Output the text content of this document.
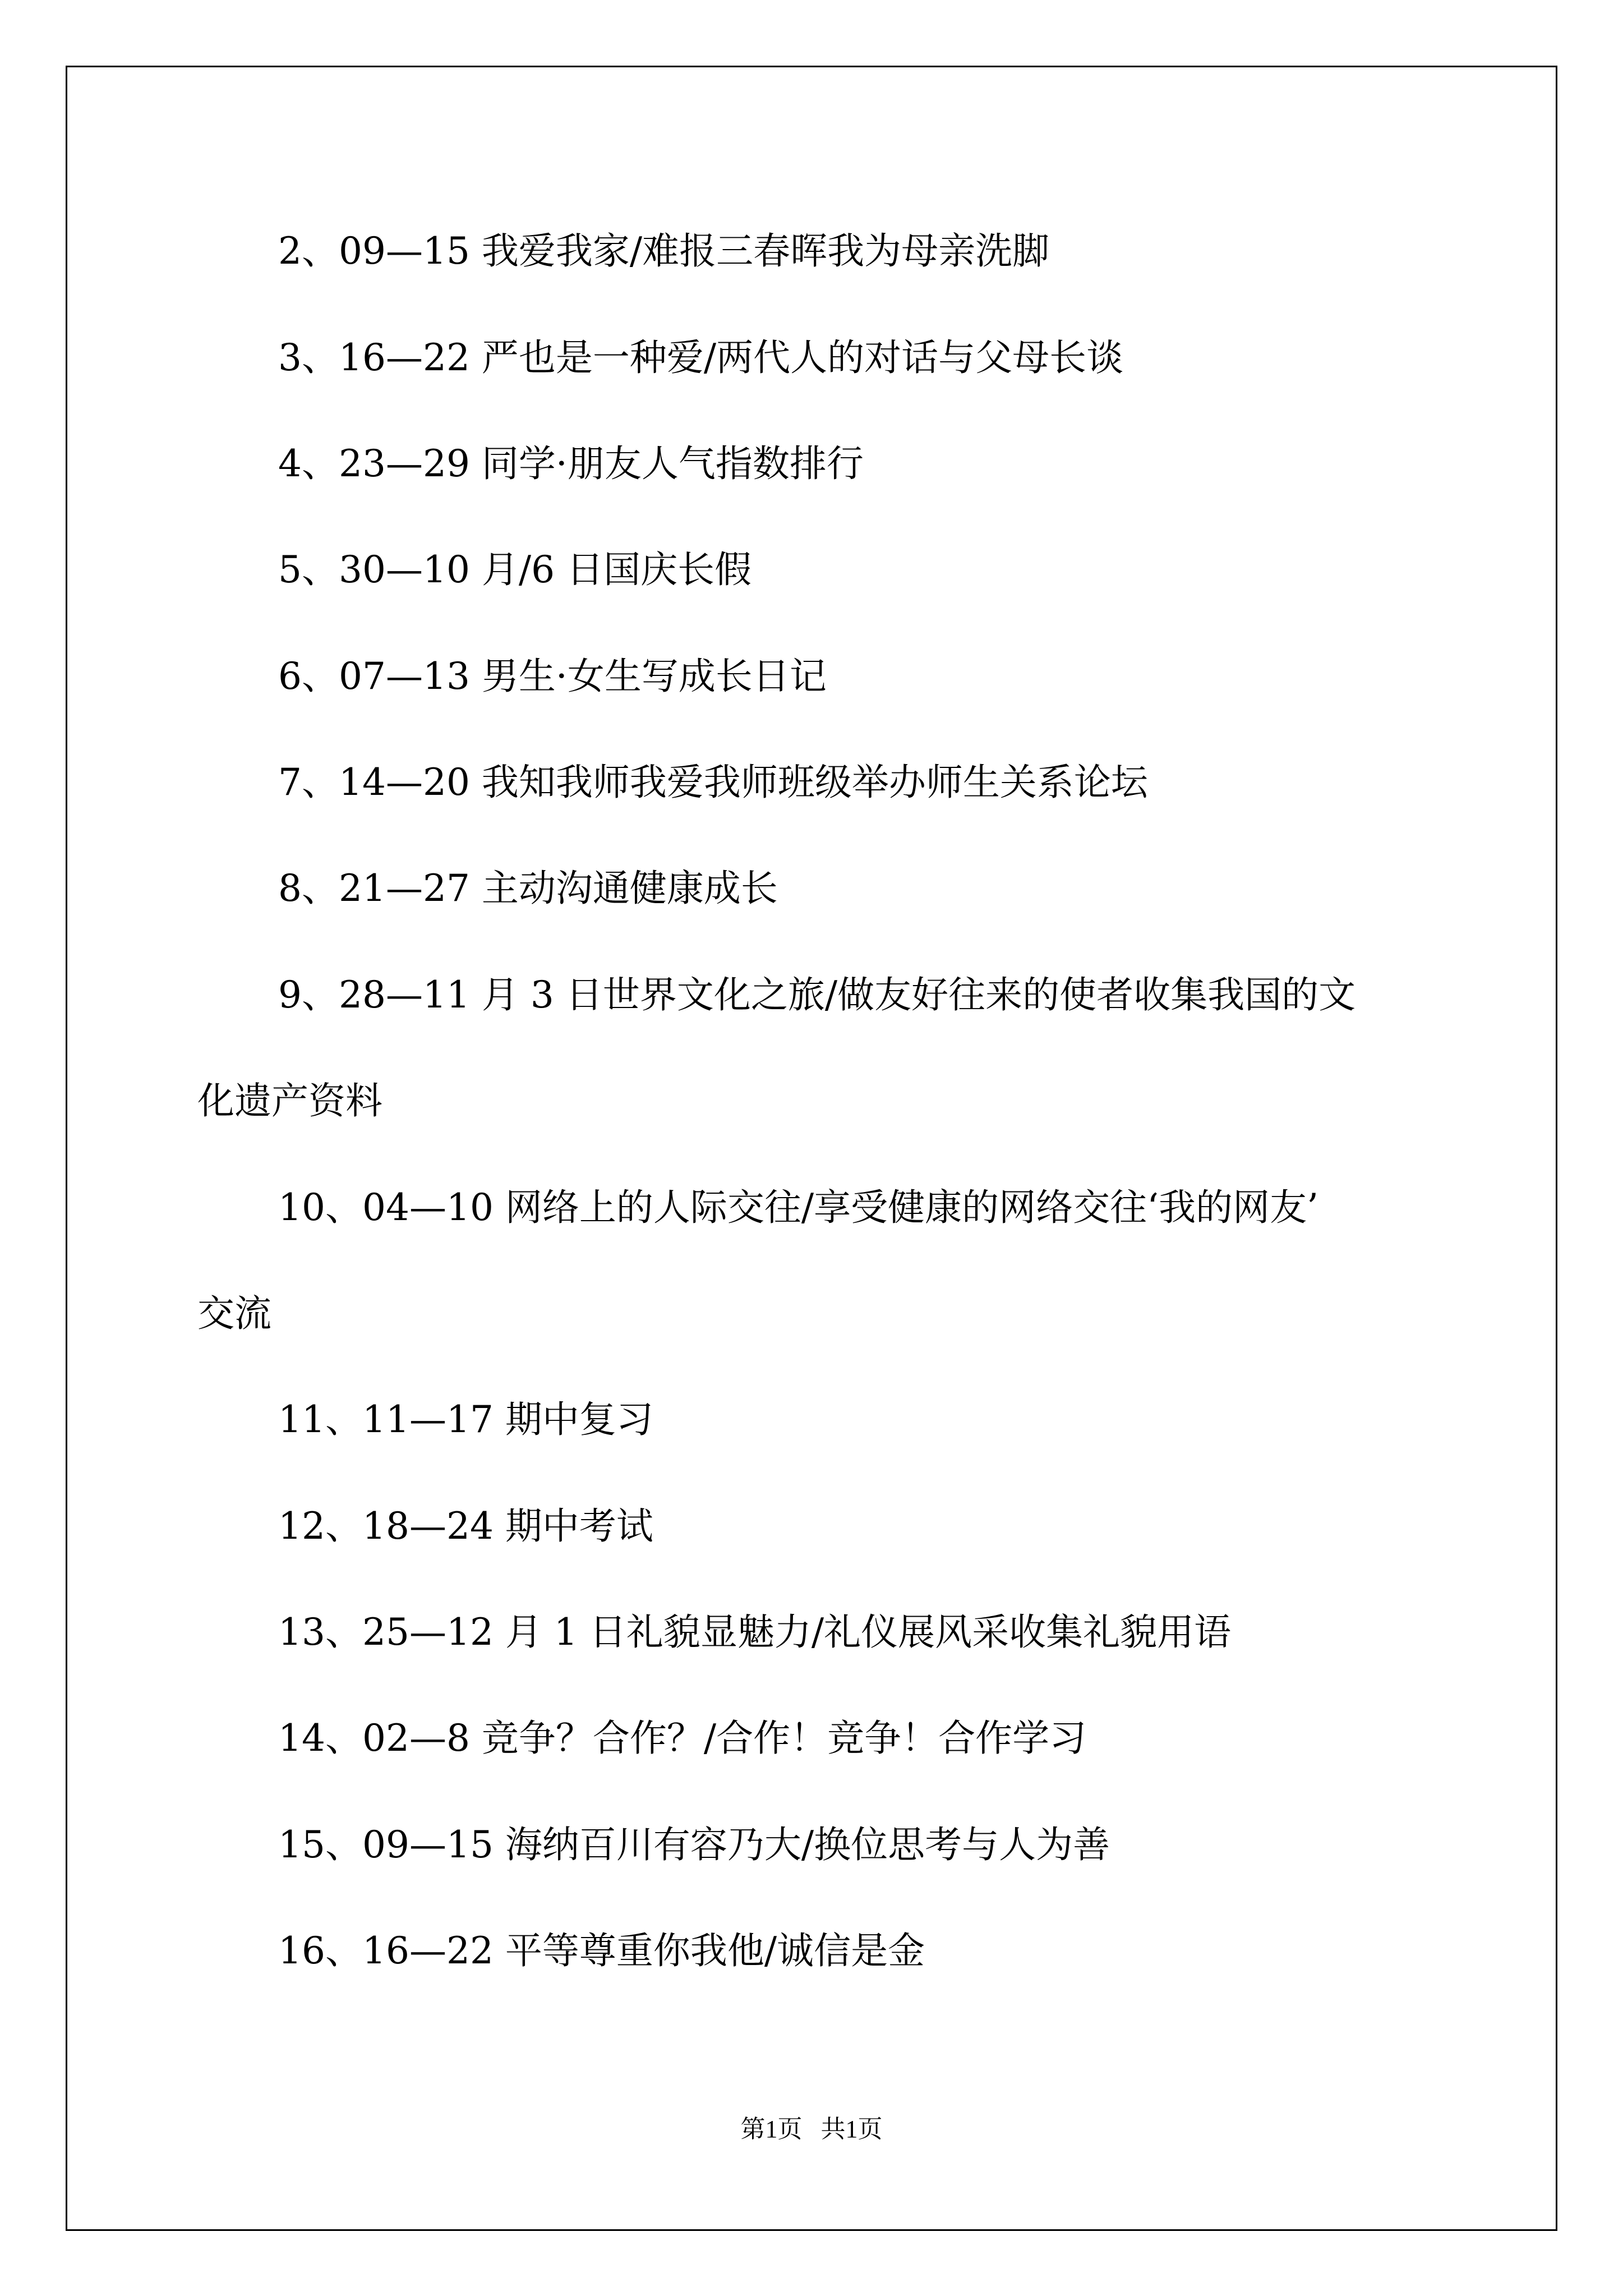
2、09—15 我爱我家/难报三春晖我为母亲洗脚
3、16—22 严也是一种爱/两代人的对话与父母长谈
4、23—29 同学·朋友人气指数排行
5、30—10 月/6 日国庆长假
6、07—13 男生·女生写成长日记
7、14—20 我知我师我爱我师班级举办师生关系论坛
8、21—27 主动沟通健康成长
9、28—11 月 3 日世界文化之旅/做友好往来的使者收集我国的文
化遗产资料
10、04—10 网络上的人际交往/享受健康的网络交往‘我的网友’
交流
11、11—17 期中复习
12、18—24 期中考试
13、25—12 月 1 日礼貌显魅力/礼仪展风采收集礼貌用语
14、02—8 竞争？合作？/合作！竞争！合作学习
15、09—15 海纳百川有容乃大/换位思考与人为善
16、16—22 平等尊重你我他/诚信是金
第1页   共1页
